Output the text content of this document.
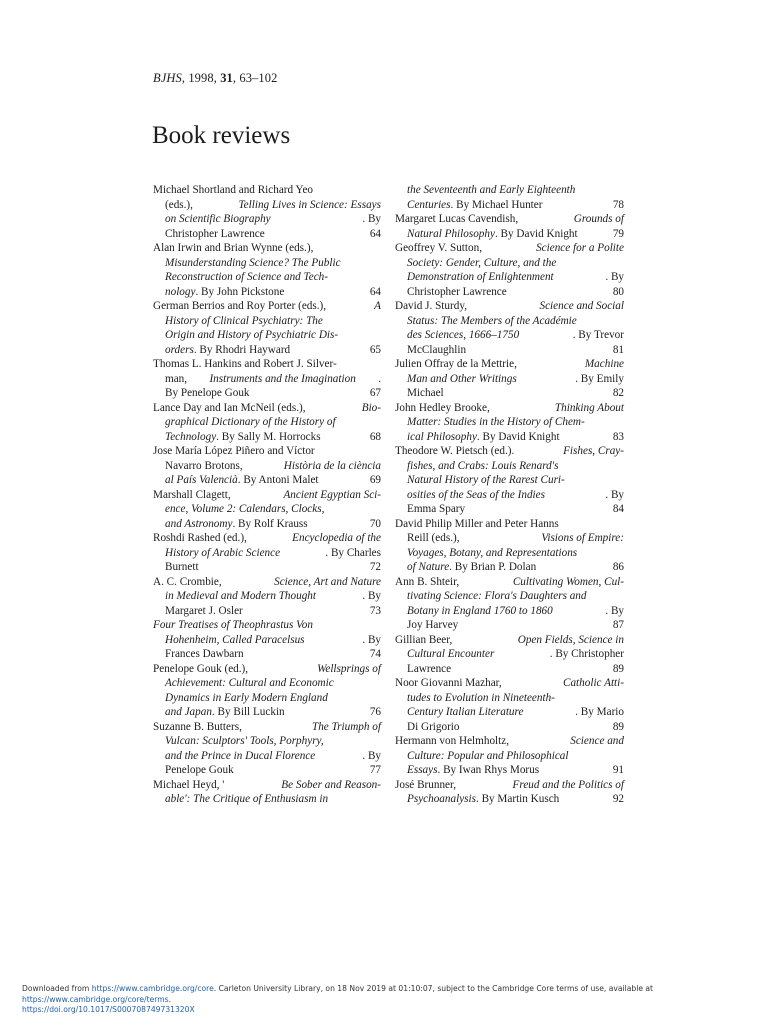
BJHS, 1998, 31, 63–102
Book reviews
Michael Shortland and Richard Yeo
(eds.),	Telling Lives in Science: Essays
on Scientific Biography	. By
Christopher Lawrence	64
Alan Irwin and Brian Wynne (eds.),
Misunderstanding Science? The Public
Reconstruction of Science and Tech-
nology. By John Pickstone	64
German Berrios and Roy Porter (eds.),	A
History of Clinical Psychiatry: The
Origin and History of Psychiatric Dis-
orders. By Rhodri Hayward	65
Thomas L. Hankins and Robert J. Silver-
man, Instruments and the Imagination .
By Penelope Gouk	67
Lance Day and Ian McNeil (eds.),	Bio-
graphical Dictionary of the History of
Technology. By Sally M. Horrocks	68
Jose María López Piñero and Víctor
Navarro Brotons,	Història de la ciència
al País Valencià. By Antoni Malet	69
Marshall Clagett,	Ancient Egyptian Sci-
ence, Volume 2: Calendars, Clocks,
and Astronomy. By Rolf Krauss	70
Roshdi Rashed (ed.),	Encyclopedia of the
History of Arabic Science	. By Charles
Burnett	72
A. C. Crombie,	Science, Art and Nature
in Medieval and Modern Thought	. By
Margaret J. Osler	73
Four Treatises of Theophrastus Von
Hohenheim, Called Paracelsus	. By
Frances Dawbarn	74
Penelope Gouk (ed.),	Wellsprings of
Achievement: Cultural and Economic
Dynamics in Early Modern England
and Japan. By Bill Luckin	76
Suzanne B. Butters,	The Triumph of
Vulcan: Sculptors' Tools, Porphyry,
and the Prince in Ducal Florence	. By
Penelope Gouk	77
Michael Heyd, '	Be Sober and Reason-
able': The Critique of Enthusiasm in
the Seventeenth and Early Eighteenth
Centuries. By Michael Hunter	78
Margaret Lucas Cavendish,	Grounds of
Natural Philosophy. By David Knight	79
Geoffrey V. Sutton,	Science for a Polite
Society: Gender, Culture, and the
Demonstration of Enlightenment	. By
Christopher Lawrence	80
David J. Sturdy,	Science and Social
Status: The Members of the Académie
des Sciences, 1666–1750	. By Trevor
McClaughlin	81
Julien Offray de la Mettrie,	Machine
Man and Other Writings	. By Emily
Michael	82
John Hedley Brooke,	Thinking About
Matter: Studies in the History of Chem-
ical Philosophy. By David Knight	83
Theodore W. Pietsch (ed.).	Fishes, Cray-
fishes, and Crabs: Louis Renard's
Natural History of the Rarest Curi-
osities of the Seas of the Indies	. By
Emma Spary	84
David Philip Miller and Peter Hanns
Reill (eds.),	Visions of Empire:
Voyages, Botany, and Representations
of Nature. By Brian P. Dolan	86
Ann B. Shteir,	Cultivating Women, Cul-
tivating Science: Flora's Daughters and
Botany in England 1760 to 1860	. By
Joy Harvey	87
Gillian Beer,	Open Fields, Science in
Cultural Encounter	. By Christopher
Lawrence	89
Noor Giovanni Mazhar,	Catholic Atti-
tudes to Evolution in Nineteenth-
Century Italian Literature	. By Mario
Di Grigorio	89
Hermann von Helmholtz,	Science and
Culture: Popular and Philosophical
Essays. By Iwan Rhys Morus	91
José Brunner,	Freud and the Politics of
Psychoanalysis. By Martin Kusch	92
Downloaded from https://www.cambridge.org/core. Carleton University Library, on 18 Nov 2019 at 01:10:07, subject to the Cambridge Core terms of use, available at https://www.cambridge.org/core/terms.
https://doi.org/10.1017/S000708749731320X
